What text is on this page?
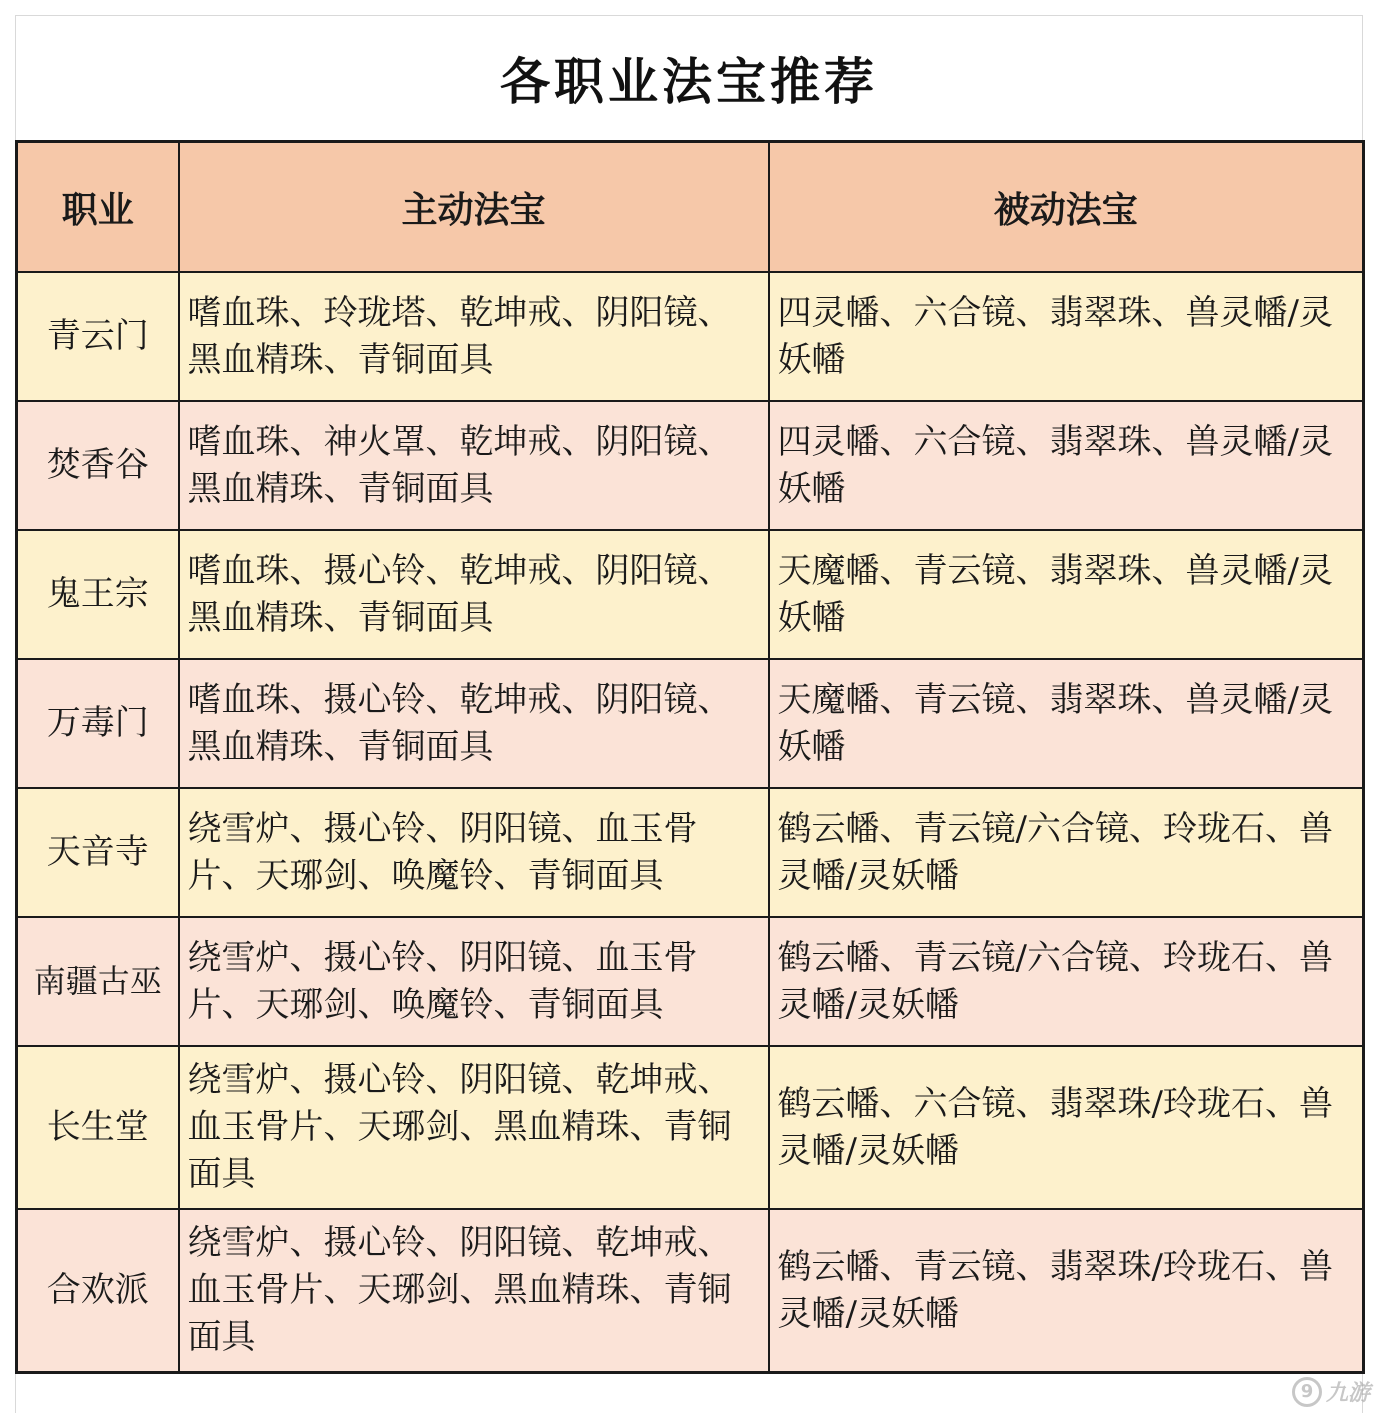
各职业法宝推荐
职业	主动法宝	被动法宝
青云门	嗜血珠、玲珑塔、乾坤戒、阴阳镜、黑血精珠、青铜面具	四灵幡、六合镜、翡翠珠、兽灵幡/灵妖幡
焚香谷	嗜血珠、神火罩、乾坤戒、阴阳镜、黑血精珠、青铜面具	四灵幡、六合镜、翡翠珠、兽灵幡/灵妖幡
鬼王宗	嗜血珠、摄心铃、乾坤戒、阴阳镜、黑血精珠、青铜面具	天魔幡、青云镜、翡翠珠、兽灵幡/灵妖幡
万毒门	嗜血珠、摄心铃、乾坤戒、阴阳镜、黑血精珠、青铜面具	天魔幡、青云镜、翡翠珠、兽灵幡/灵妖幡
天音寺	绕雪炉、摄心铃、阴阳镜、血玉骨片、天琊剑、唤魔铃、青铜面具	鹤云幡、青云镜/六合镜、玲珑石、兽灵幡/灵妖幡
南疆古巫	绕雪炉、摄心铃、阴阳镜、血玉骨片、天琊剑、唤魔铃、青铜面具	鹤云幡、青云镜/六合镜、玲珑石、兽灵幡/灵妖幡
长生堂	绕雪炉、摄心铃、阴阳镜、乾坤戒、血玉骨片、天琊剑、黑血精珠、青铜面具	鹤云幡、六合镜、翡翠珠/玲珑石、兽灵幡/灵妖幡
合欢派	绕雪炉、摄心铃、阴阳镜、乾坤戒、血玉骨片、天琊剑、黑血精珠、青铜面具	鹤云幡、青云镜、翡翠珠/玲珑石、兽灵幡/灵妖幡
9 九游
